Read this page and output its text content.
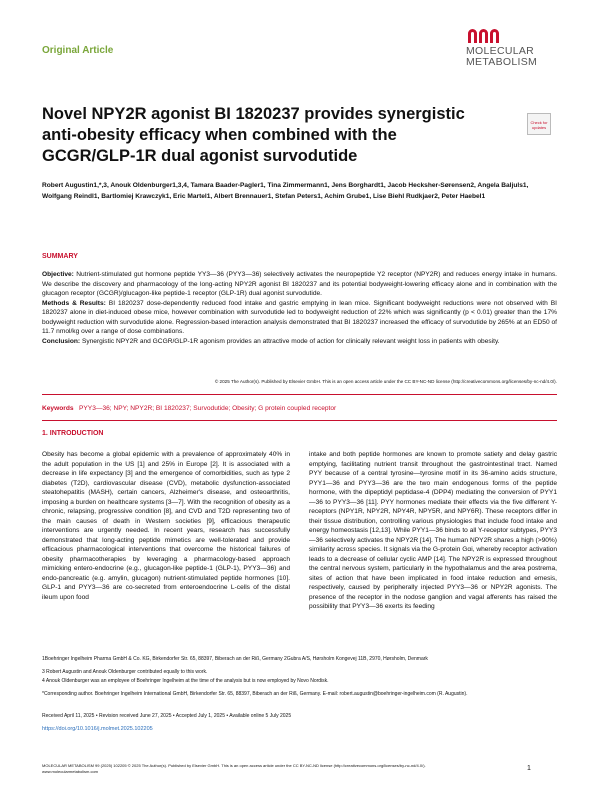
Original Article	MOLECULAR
METABOLISM
Novel NPY2R agonist BI 1820237 provides synergistic anti-obesity efficacy when combined with the GCGR/GLP-1R dual agonist survodutide
Check for updates
Robert Augustin1,*,3, Anouk Oldenburger1,3,4, Tamara Baader-Pagler1, Tina Zimmermann1, Jens Borghardt1, Jacob Hecksher-Sørensen2, Angela Baljuls1, Wolfgang Reindl1, Bartlomiej Krawczyk1, Eric Martel1, Albert Brennauer1, Stefan Peters1, Achim Grube1, Lise Biehl Rudkjaer2, Peter Haebel1
SUMMARY

Objective: Nutrient-stimulated gut hormone peptide YY3—36 (PYY3—36) selectively activates the neuropeptide Y2 receptor (NPY2R) and reduces energy intake in humans. We describe the discovery and pharmacology of the long-acting NPY2R agonist BI 1820237 and its potential bodyweight-lowering efficacy alone and in combination with the glucagon receptor (GCGR)/glucagon-like peptide-1 receptor (GLP-1R) dual agonist survodutide.

Methods & Results: BI 1820237 dose-dependently reduced food intake and gastric emptying in lean mice. Significant bodyweight reductions were not observed with BI 1820237 alone in diet-induced obese mice, however combination with survodutide led to bodyweight reduction of 22% which was significantly (p < 0.01) greater than the 17% bodyweight reduction with survodutide alone. Regression-based interaction analysis demonstrated that BI 1820237 increased the efficacy of survodutide by 265% at an ED50 of 11.7 nmol/kg over a range of dose combinations.

Conclusion: Synergistic NPY2R and GCGR/GLP-1R agonism provides an attractive mode of action for clinically relevant weight loss in patients with obesity.

© 2025 The Author(s). Published by Elsevier GmbH. This is an open access article under the CC BY-NC-ND license (http://creativecommons.org/licenses/by-nc-nd/4.0/).
Keywords PYY3—36; NPY; NPY2R; BI 1820237; Survodutide; Obesity; G protein coupled receptor
1. INTRODUCTION

Obesity has become a global epidemic with a prevalence of approximately 40% in the adult population in the US [1] and 25% in Europe [2]. It is associated with a decrease in life expectancy [3] and the emergence of comorbidities, such as type 2 diabetes (T2D), cardiovascular disease (CVD), metabolic dysfunction-associated steatohepatitis (MASH), certain cancers, Alzheimer's disease, and osteoarthritis, imposing a burden on healthcare systems [3—7]. With the recognition of obesity as a chronic, relapsing, progressive condition [8], and CVD and T2D representing two of the main causes of death in Western societies [9], efficacious therapeutic interventions are urgently needed. In recent years, research has successfully demonstrated that long-acting peptide mimetics are well-tolerated and provide efficacious pharmacological interventions that overcome the historical failures of obesity pharmacotherapies by leveraging a pharmacology-based approach mimicking entero-endocrine (e.g., glucagon-like peptide-1 (GLP-1), PYY3—36) and endo-pancreatic (e.g. amylin, glucagon) nutrient-stimulated peptide hormones [10]. GLP-1 and PYY3—36 are co-secreted from enteroendocrine L-cells of the distal ileum upon food

intake and both peptide hormones are known to promote satiety and delay gastric emptying, facilitating nutrient transit throughout the gastrointestinal tract. Named PYY because of a central tyrosine—tyrosine motif in its 36-amino acids structure, PYY1—36 and PYY3—36 are the two main endogenous forms of the peptide hormone, with the dipeptidyl peptidase-4 (DPP4) mediating the conversion of PYY1—36 to PYY3—36 [11]. PYY hormones mediate their effects via the five different Y-receptors (NPY1R, NPY2R, NPY4R, NPY5R, and NPY6R). These receptors differ in their tissue distribution, controlling various physiologies that include food intake and energy homeostasis [12,13]. While PYY1—36 binds to all Y-receptor subtypes, PYY3—36 selectively activates the NPY2R [14]. The human NPY2R shares a high (>90%) similarity across species. It signals via the G-protein Gαi, whereby receptor activation leads to a decrease of cellular cyclic AMP [14]. The NPY2R is expressed throughout the central nervous system, particularly in the hypothalamus and the area postrema, sites of action that have been implicated in food intake reduction and emesis, respectively, caused by peripherally injected PYY3—36 or NPY2R agonists. The presence of the receptor in the nodose ganglion and vagal afferents has raised the possibility that PYY3—36 exerts its feeding

1Boehringer Ingelheim Pharma GmbH & Co. KG, Birkendorfer Str. 65, 88397, Biberach an der Riß, Germany 2Gubra A/S, Hørsholm Kongevej 11B, 2970, Hørsholm, Denmark
3 Robert Augustin and Anouk Oldenburger contributed equally to this work.
4 Anouk Oldenburger was an employee of Boehringer Ingelheim at the time of the analysis but is now employed by Novo Nordisk.
*Corresponding author. Boehringer Ingelheim International GmbH, Birkendorfer Str. 65, 88397, Biberach an der Riß, Germany. E-mail: robert.augustin@boehringer-ingelheim.com (R. Augustin).
Received April 11, 2025 • Revision received June 27, 2025 • Accepted July 1, 2025 • Available online 5 July 2025
https://doi.org/10.1016/j.molmet.2025.102205
MOLECULAR METABOLISM 99 (2025) 102205 © 2025 The Author(s). Published by Elsevier GmbH. This is an open access article under the CC BY-NC-ND license (http://creativecommons.org/licenses/by-nc-nd/4.0/).
www.molecularmetabolism.com	1
